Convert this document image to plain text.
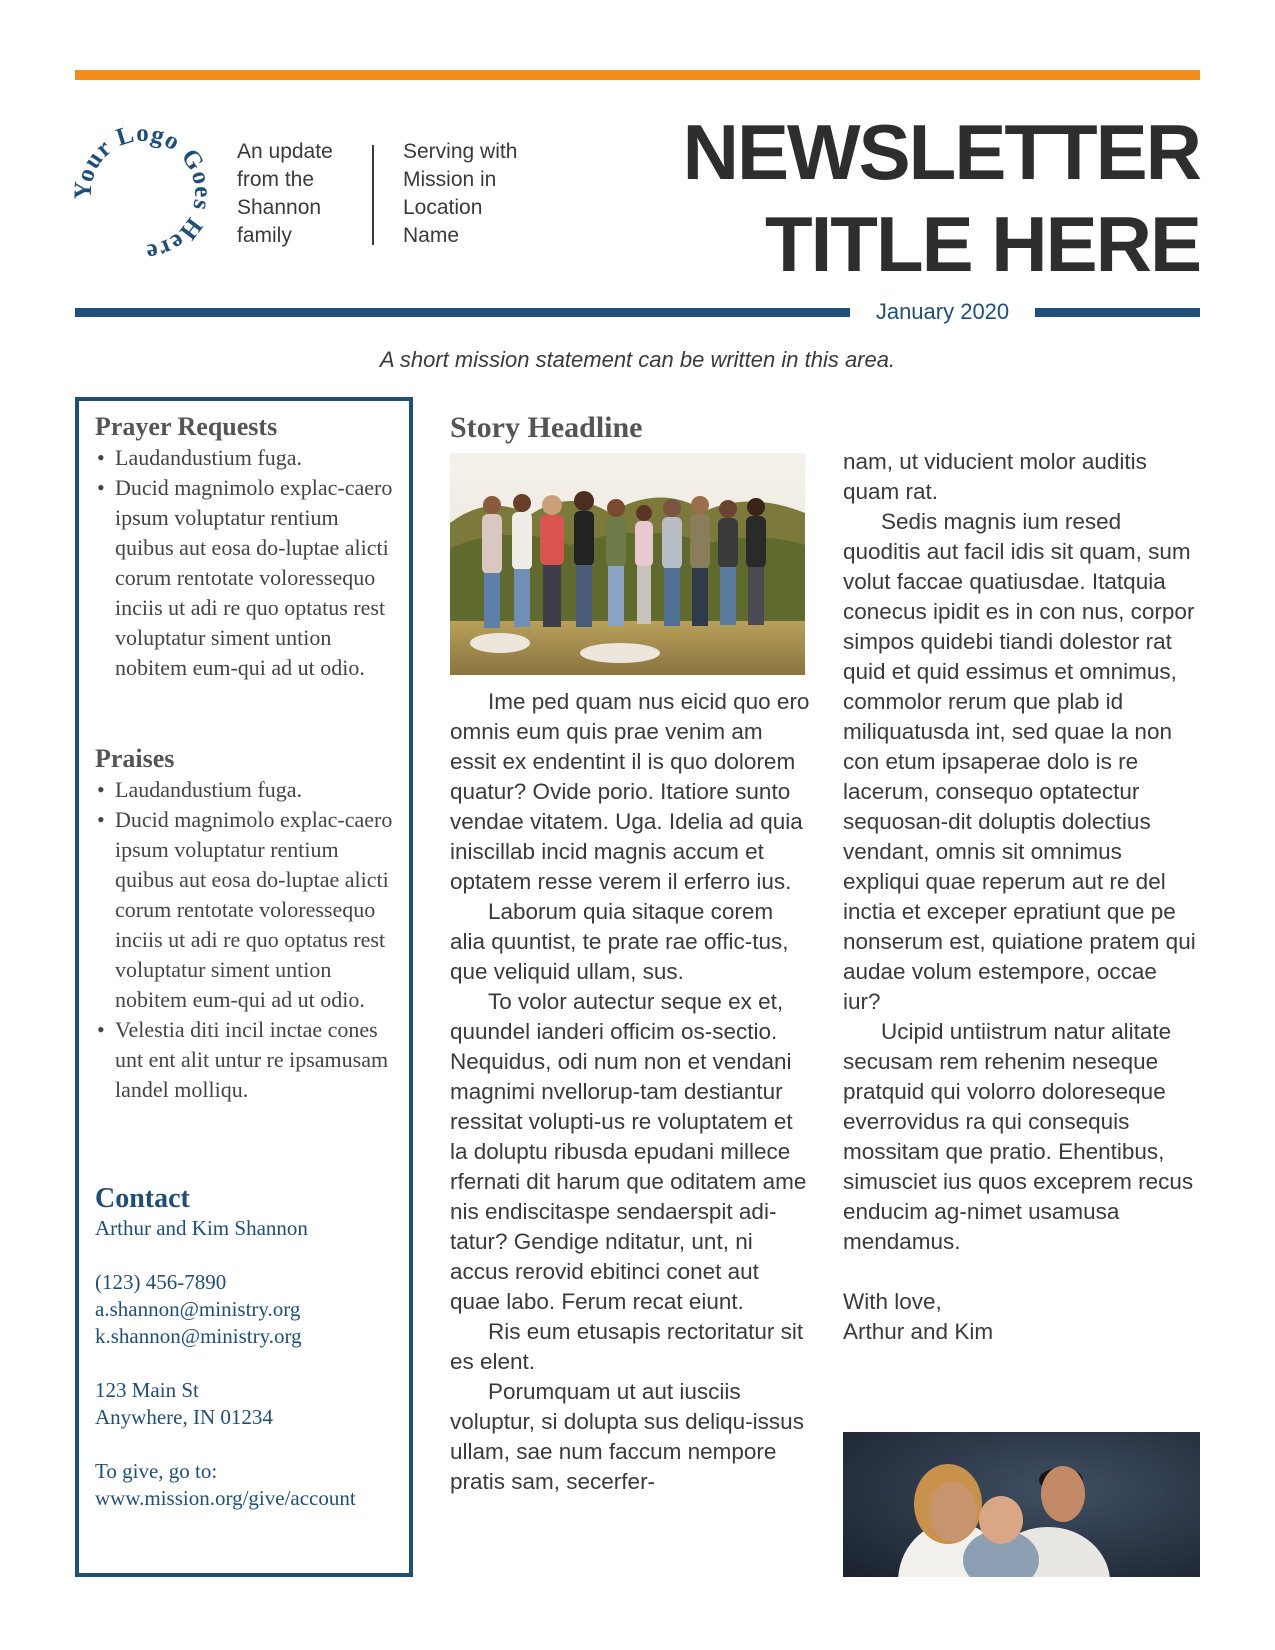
Your Logo Goes Here
An update
from the
Shannon
family
Serving with
Mission in
Location
Name
NEWSLETTER
TITLE HERE
January 2020
A short mission statement can be written in this area.
Prayer Requests
• Laudandustium fuga.
• Ducid magnimolo explac-caero ipsum voluptatur rentium quibus aut eosa do-luptae alicti corum rentotate voloressequo inciis ut adi re quo optatus rest voluptatur siment untion nobitem eum-qui ad ut odio.
Praises
• Laudandustium fuga.
• Ducid magnimolo explac-caero ipsum voluptatur rentium quibus aut eosa do-luptae alicti corum rentotate voloressequo inciis ut adi re quo optatus rest voluptatur siment untion nobitem eum-qui ad ut odio.
• Velestia diti incil inctae cones unt ent alit untur re ipsamusam landel molliqu.
Contact
Arthur and Kim Shannon
(123) 456-7890
a.shannon@ministry.org
k.shannon@ministry.org
123 Main St
Anywhere, IN 01234
To give, go to:
www.mission.org/give/account
Story Headline

Ime ped quam nus eicid quo ero omnis eum quis prae venim am essit ex endentint il is quo dolorem quatur? Ovide porio. Itatiore sunto vendae vitatem. Uga. Idelia ad quia iniscillab incid magnis accum et optatem resse verem il erferro ius.

Laborum quia sitaque corem alia quuntist, te prate rae offic-tus, que veliquid ullam, sus.

To volor autectur seque ex et, quundel ianderi officim os-sectio. Nequidus, odi num non et vendani magnimi nvellorup-tam destiantur ressitat volupti-us re voluptatem et la doluptu ribusda epudani millece rfernati dit harum que oditatem ame nis endiscitaspe sendaerspit adi-tatur? Gendige nditatur, unt, ni accus rerovid ebitinci conet aut quae labo. Ferum recat eiunt.

Ris eum etusapis rectoritatur sit es elent.

Porumquam ut aut iusciis voluptur, si dolupta sus deliqu-issus ullam, sae num faccum nempore pratis sam, secerfer-

nam, ut viducient molor auditis quam rat.

Sedis magnis ium resed quoditis aut facil idis sit quam, sum volut faccae quatiusdae. Itatquia conecus ipidit es in con nus, corpor simpos quidebi tiandi dolestor rat quid et quid essimus et omnimus, commolor rerum que plab id miliquatusda int, sed quae la non con etum ipsaperae dolo is re lacerum, consequo optatectur sequosan-dit doluptis dolectius vendant, omnis sit omnimus expliqui quae reperum aut re del inctia et exceper epratiunt que pe nonserum est, quiatione pratem qui audae volum estempore, occae iur?

Ucipid untiistrum natur alitate secusam rem rehenim neseque pratquid qui volorro doloreseque everrovidus ra qui consequis mossitam que pratio. Ehentibus, simusciet ius quos exceprem recus enducim ag-nimet usamusa mendamus.

With love,

Arthur and Kim
